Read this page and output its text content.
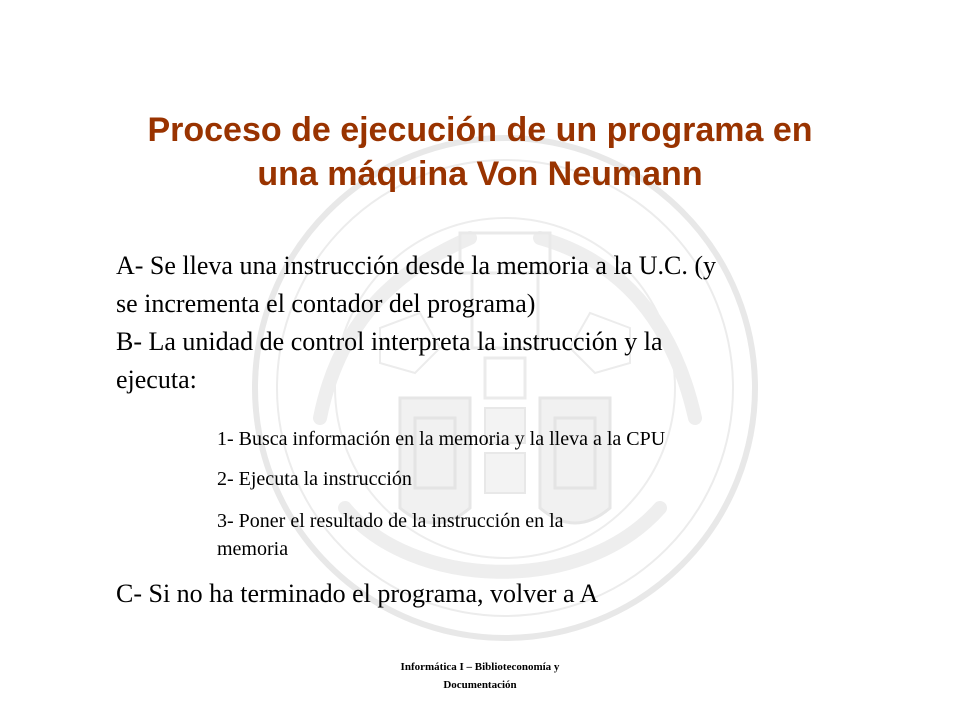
Proceso de ejecución de un programa en
una máquina Von Neumann
A- Se lleva una instrucción desde la memoria a la U.C. (y
se incrementa el contador del programa)
B- La unidad de control interpreta la instrucción y la
ejecuta:
1- Busca información en la memoria y la lleva a la CPU
2- Ejecuta la instrucción
3- Poner el resultado de la instrucción en la
memoria
C- Si no ha terminado el programa, volver a A
Informática I – Biblioteconomía y
Documentación
